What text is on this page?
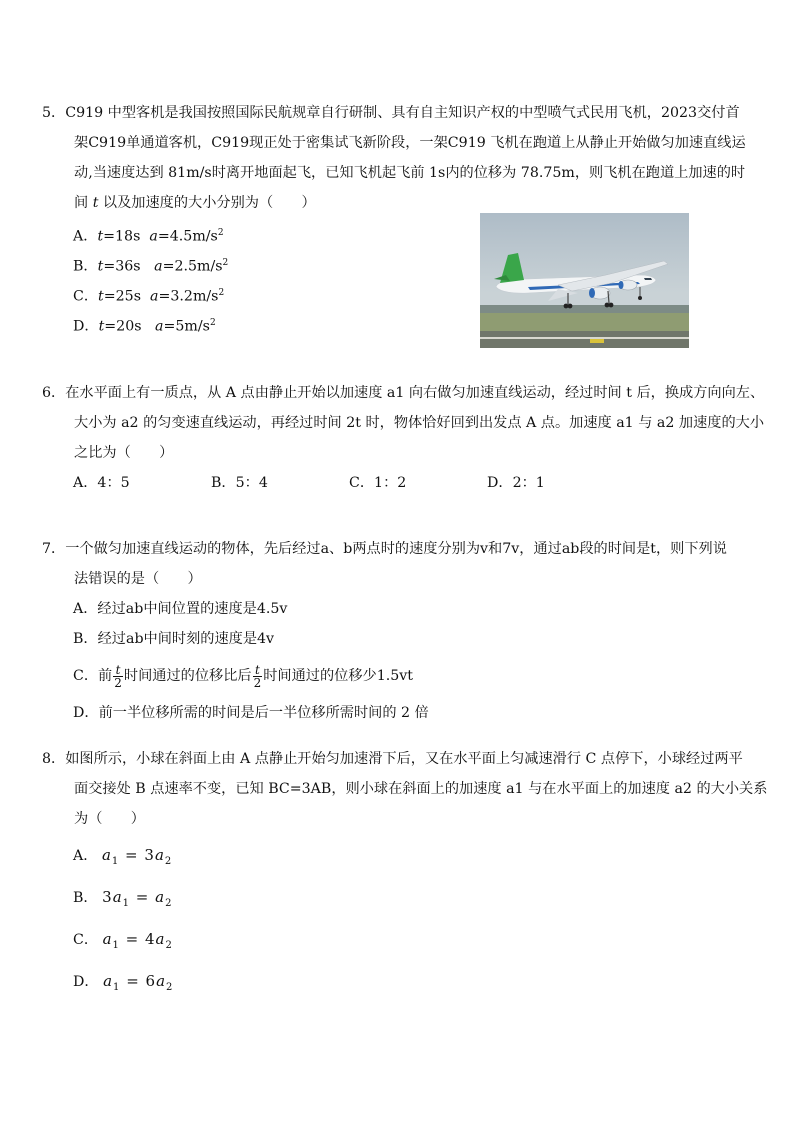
5．C919 中型客机是我国按照国际民航规章自行研制、具有自主知识产权的中型喷气式民用飞机，2023交付首
架C919单通道客机，C919现正处于密集试飞新阶段，一架C919 飞机在跑道上从静止开始做匀加速直线运
动,当速度达到 81m/s时离开地面起飞，已知飞机起飞前 1s内的位移为 78.75m，则飞机在跑道上加速的时
间 t 以及加速度的大小分别为（　　）
A．t=18s $a=4.5m/s^2$
B．t=36s $a=2.5m/s^2$
C．t=25s $a=3.2m/s^2$
D．t=20s $a=5m/s^2$
6．在水平面上有一质点，从 A 点由静止开始以加速度 a1 向右做匀加速直线运动，经过时间 t 后，换成方向向左、
大小为 a2 的匀变速直线运动，再经过时间 2t 时，物体恰好回到出发点 A 点。加速度 a1 与 a2 加速度的大小
之比为（　　）
A．4：5	B．5：4	C．1：2	D．2：1
7．一个做匀加速直线运动的物体，先后经过a、b两点时的速度分别为v和7v，通过ab段的时间是t，则下列说
法错误的是（　　）
A．经过ab中间位置的速度是4.5v
B．经过ab中间时刻的速度是4v
C．前 $\frac{t}{2}$ 时间通过的位移比后 $\frac{t}{2}$ 时间通过的位移少1.5vt
D．前一半位移所需的时间是后一半位移所需时间的 2 倍
8．如图所示，小球在斜面上由 A 点静止开始匀加速滑下后，又在水平面上匀减速滑行 C 点停下，小球经过两平
面交接处 B 点速率不变，已知 BC=3AB，则小球在斜面上的加速度 a1 与在水平面上的加速度 a2 的大小关系
为（　　）
A． $a_1 = 3a_2$
B． $3a_1 = a_2$
C． $a_1 = 4a_2$
D． $a_1 = 6a_2$
